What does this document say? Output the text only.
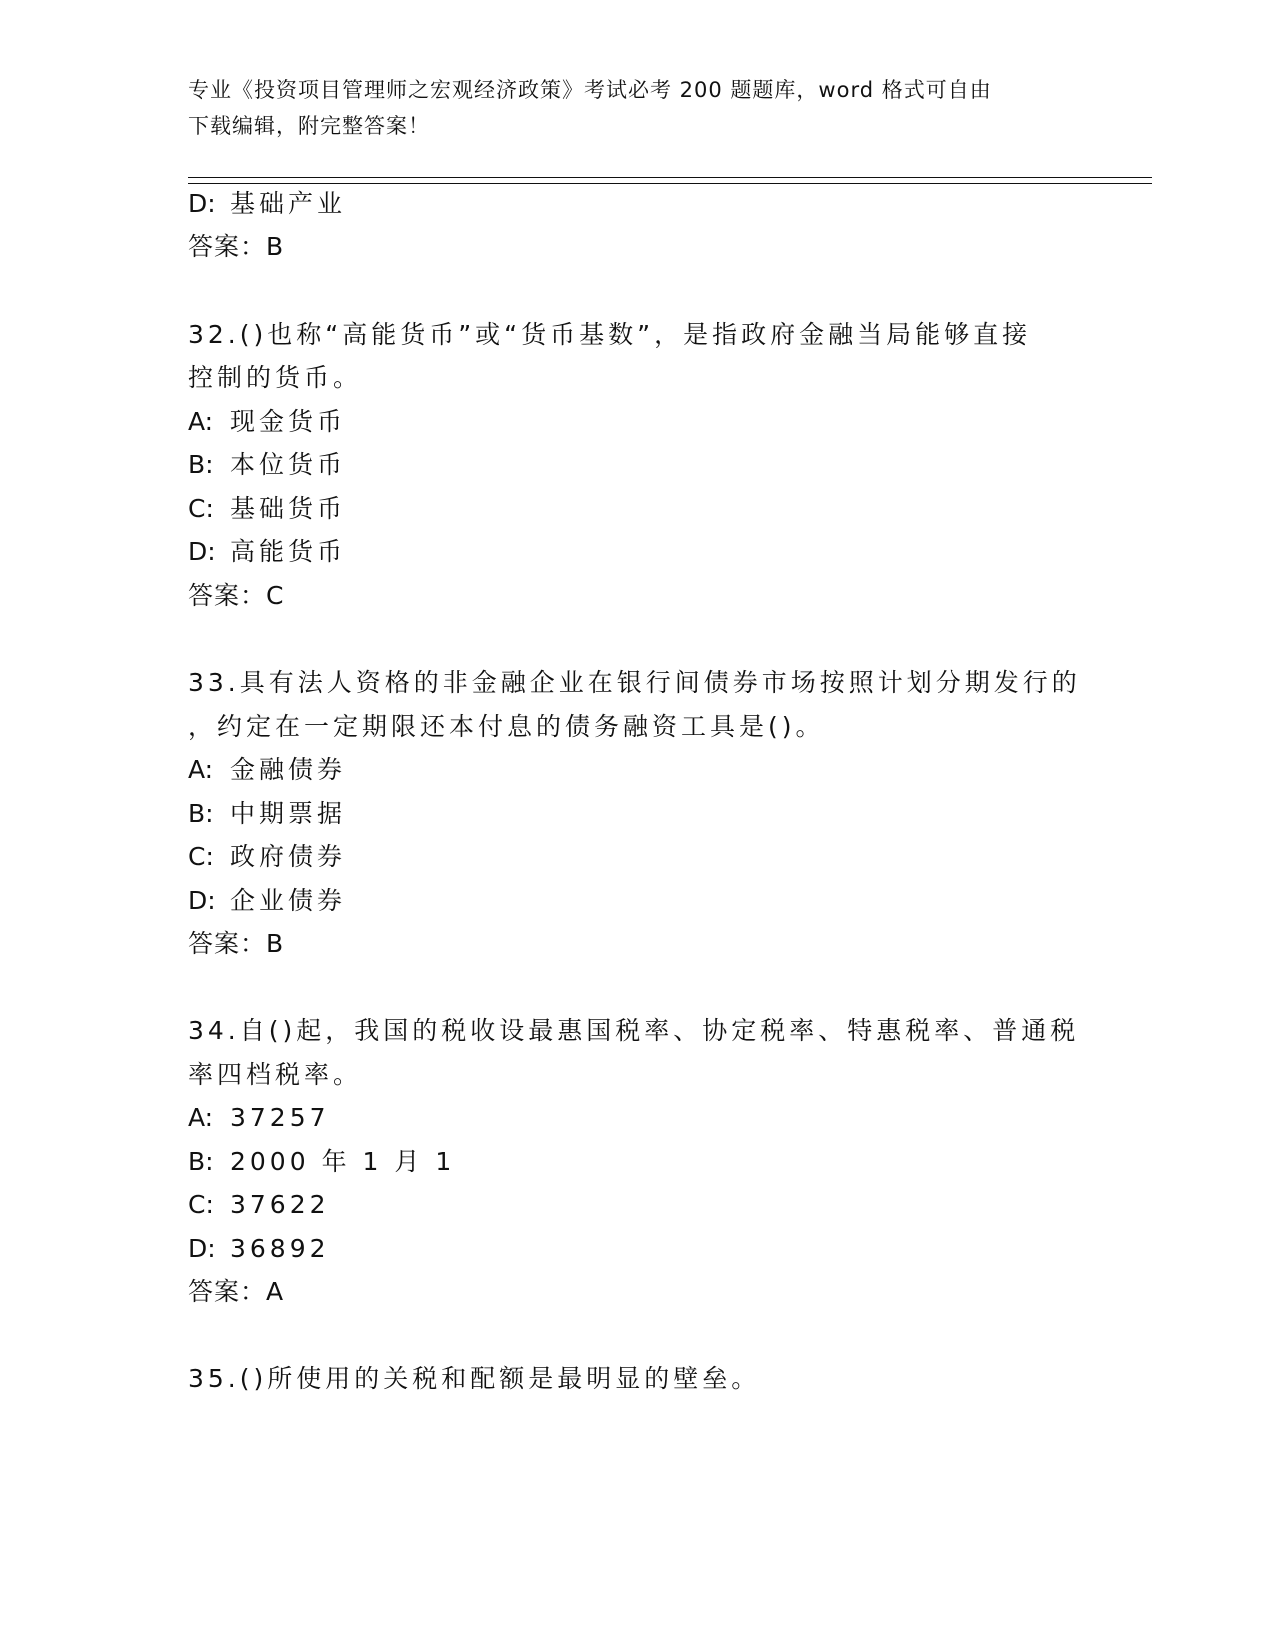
专业《投资项目管理师之宏观经济政策》考试必考 200 题题库，word 格式可自由
下载编辑，附完整答案！
D: 基础产业
答案：B
32.()也称“高能货币”或“货币基数”，是指政府金融当局能够直接
控制的货币。
A: 现金货币
B: 本位货币
C: 基础货币
D: 高能货币
答案：C
33.具有法人资格的非金融企业在银行间债券市场按照计划分期发行的
，约定在一定期限还本付息的债务融资工具是()。
A: 金融债券
B: 中期票据
C: 政府债券
D: 企业债券
答案：B
34.自()起，我国的税收设最惠国税率、协定税率、特惠税率、普通税
率四档税率。
A: 37257
B: 2000 年 1 月 1
C: 37622
D: 36892
答案：A
35.()所使用的关税和配额是最明显的壁垒。
